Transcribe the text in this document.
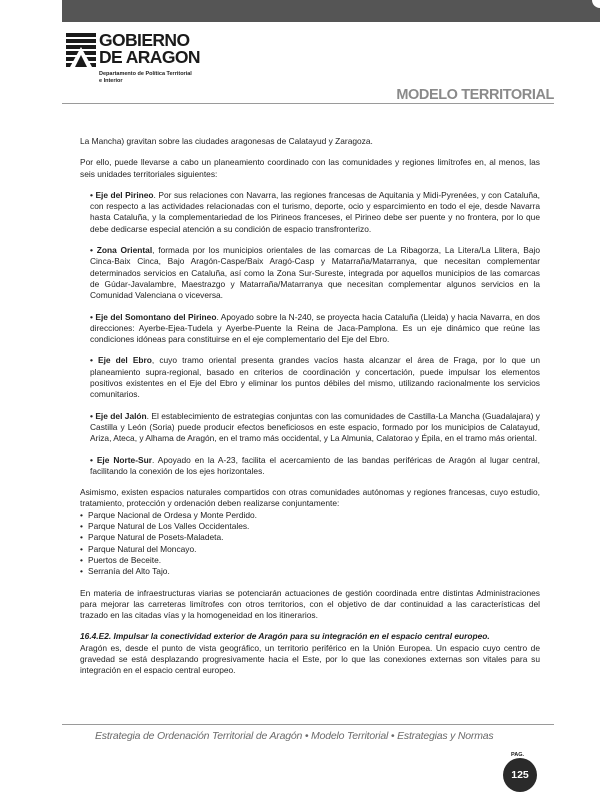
GOBIERNO
DE ARAGON
Departamento de Política Territorial
e Interior
MODELO TERRITORIAL

La Mancha) gravitan sobre las ciudades aragonesas de Calatayud y Zaragoza.

Por ello, puede llevarse a cabo un planeamiento coordinado con las comunidades y regiones limítrofes en, al menos, las seis unidades territoriales siguientes:

• Eje del Pirineo. Por sus relaciones con Navarra, las regiones francesas de Aquitania y Midi-Pyrenées, y con Cataluña, con respecto a las actividades relacionadas con el turismo, deporte, ocio y esparcimiento en todo el eje, desde Navarra hasta Cataluña, y la complementariedad de los Pirineos franceses, el Pirineo debe ser puente y no frontera, por lo que debe dedicarse especial atención a su condición de espacio transfronterizo.

• Zona Oriental, formada por los municipios orientales de las comarcas de La Ribagorza, La Litera/La Llitera, Bajo Cinca-Baix Cinca, Bajo Aragón-Caspe/Baix Aragó-Casp y Matarraña/Matarranya, que necesitan complementar determinados servicios en Cataluña, así como la Zona Sur-Sureste, integrada por aquellos municipios de las comarcas de Gúdar-Javalambre, Maestrazgo y Matarraña/Matarranya que necesitan complementar algunos servicios en la Comunidad Valenciana o viceversa.

• Eje del Somontano del Pirineo. Apoyado sobre la N-240, se proyecta hacia Cataluña (Lleida) y hacia Navarra, en dos direcciones: Ayerbe-Ejea-Tudela y Ayerbe-Puente la Reina de Jaca-Pamplona. Es un eje dinámico que reúne las condiciones idóneas para constituirse en el eje complementario del Eje del Ebro.

• Eje del Ebro, cuyo tramo oriental presenta grandes vacíos hasta alcanzar el área de Fraga, por lo que un planeamiento supra-regional, basado en criterios de coordinación y concertación, puede impulsar los elementos positivos existentes en el Eje del Ebro y eliminar los puntos débiles del mismo, utilizando racionalmente los servicios comunitarios.

• Eje del Jalón. El establecimiento de estrategias conjuntas con las comunidades de Castilla-La Mancha (Guadalajara) y Castilla y León (Soria) puede producir efectos beneficiosos en este espacio, formado por los municipios de Calatayud, Ariza, Ateca, y Alhama de Aragón, en el tramo más occidental, y La Almunia, Calatorao y Épila, en el tramo más oriental.

• Eje Norte-Sur. Apoyado en la A-23, facilita el acercamiento de las bandas periféricas de Aragón al lugar central, facilitando la conexión de los ejes horizontales.

Asimismo, existen espacios naturales compartidos con otras comunidades autónomas y regiones francesas, cuyo estudio, tratamiento, protección y ordenación deben realizarse conjuntamente:

• Parque Nacional de Ordesa y Monte Perdido.
• Parque Natural de Los Valles Occidentales.
• Parque Natural de Posets-Maladeta.
• Parque Natural del Moncayo.
• Puertos de Beceite.
• Serranía del Alto Tajo.

En materia de infraestructuras viarias se potenciarán actuaciones de gestión coordinada entre distintas Administraciones para mejorar las carreteras limítrofes con otros territorios, con el objetivo de dar continuidad a las características del trazado en las citadas vías y la homogeneidad en los itinerarios.

16.4.E2. Impulsar la conectividad exterior de Aragón para su integración en el espacio central europeo.

Aragón es, desde el punto de vista geográfico, un territorio periférico en la Unión Europea. Un espacio cuyo centro de gravedad se está desplazando progresivamente hacia el Este, por lo que las conexiones externas son vitales para su integración en el espacio central europeo.

Estrategia de Ordenación Territorial de Aragón • Modelo Territorial • Estrategias y Normas
PAG.
125
